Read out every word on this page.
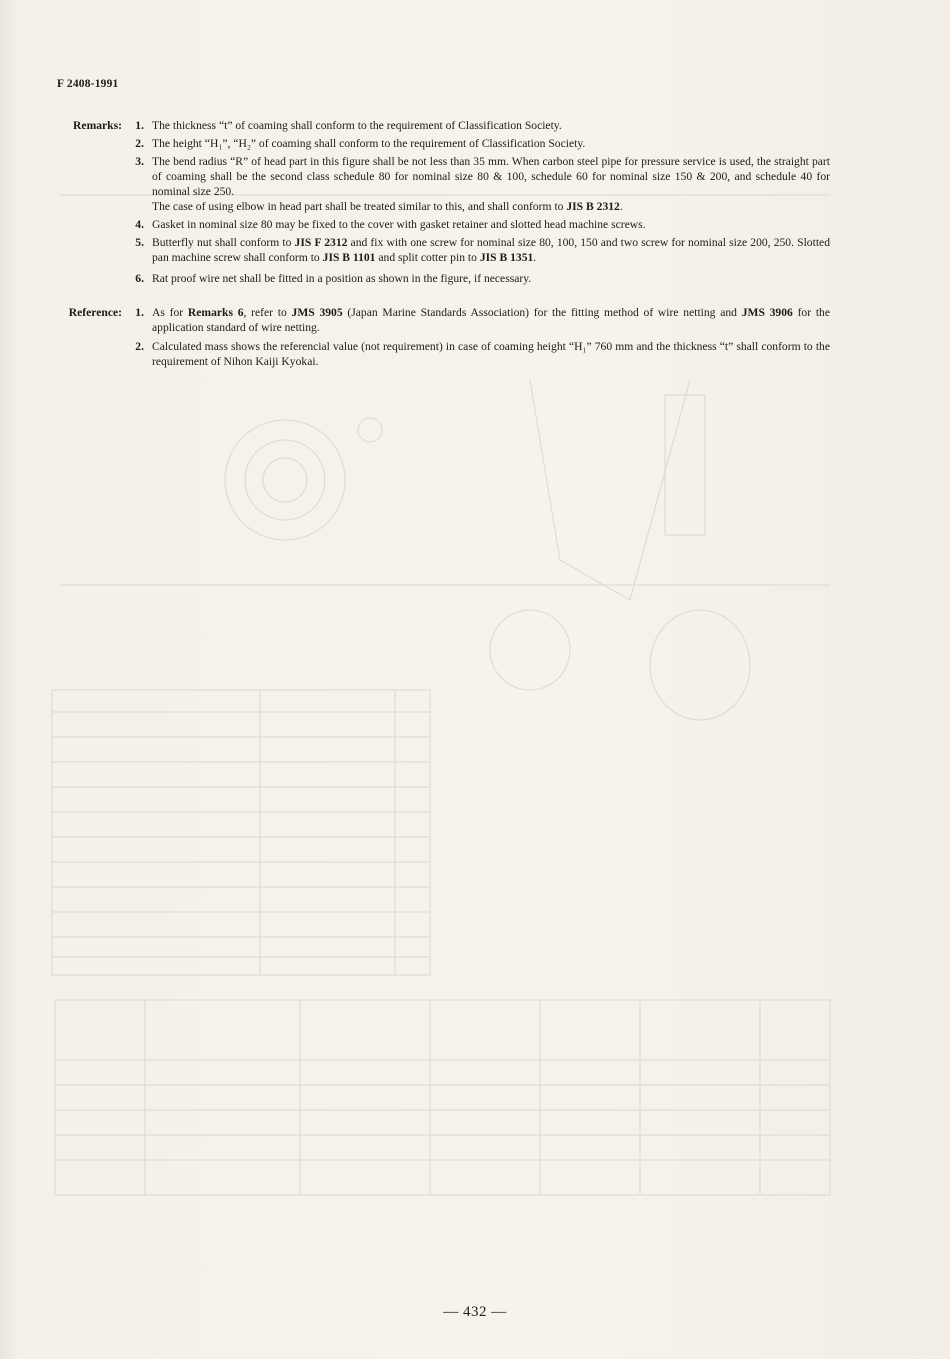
F 2408-1991
Remarks:	1. The thickness “t” of coaming shall conform to the requirement of Classification Society.
2. The height “H₁”, “H₂” of coaming shall conform to the requirement of Classification Society.
3. The bend radius “R” of head part in this figure shall be not less than 35 mm. When carbon steel pipe for pressure service is used, the straight part of coaming shall be the second class schedule 80 for nominal size 80 & 100, schedule 60 for nominal size 150 & 200, and schedule 40 for nominal size 250.
The case of using elbow in head part shall be treated similar to this, and shall conform to JIS B 2312.
4. Gasket in nominal size 80 may be fixed to the cover with gasket retainer and slotted head machine screws.
5. Butterfly nut shall conform to JIS F 2312 and fix with one screw for nominal size 80, 100, 150 and two screw for nominal size 200, 250. Slotted pan machine screw shall conform to JIS B 1101 and split cotter pin to JIS B 1351.
6. Rat proof wire net shall be fitted in a position as shown in the figure, if necessary.
Reference:	1. As for Remarks 6, refer to JMS 3905 (Japan Marine Standards Association) for the fitting method of wire netting and JMS 3906 for the application standard of wire netting.
2. Calculated mass shows the referencial value (not requirement) in case of coaming height “H₁” 760 mm and the thickness “t” shall conform to the requirement of Nihon Kaiji Kyokai.
— 432 —
